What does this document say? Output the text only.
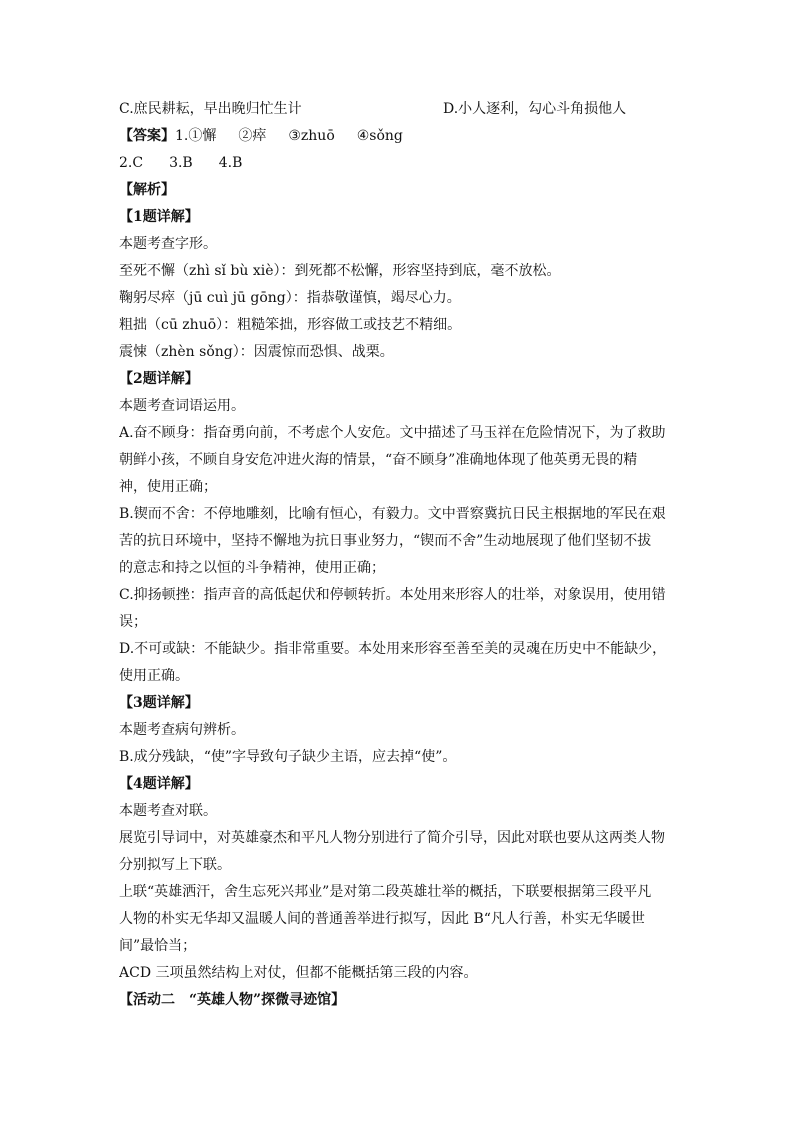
C.庶民耕耘，早出晚归忙生计	D.小人逐利，勾心斗角损他人
【答案】1.①懈 ②瘁 ③zhuō ④sǒng
2.C 3.B 4.B
【解析】
【1题详解】
本题考查字形。
至死不懈（zhì sǐ bù xiè）：到死都不松懈，形容坚持到底，毫不放松。
鞠躬尽瘁（jū cuì jū gōng）：指恭敬谨慎，竭尽心力。
粗拙（cū zhuō）：粗糙笨拙，形容做工或技艺不精细。
震悚（zhèn sǒng）：因震惊而恐惧、战栗。
【2题详解】
本题考查词语运用。
A.奋不顾身：指奋勇向前，不考虑个人安危。文中描述了马玉祥在危险情况下，为了救助
朝鲜小孩，不顾自身安危冲进火海的情景，“奋不顾身”准确地体现了他英勇无畏的精
神，使用正确；
B.锲而不舍：不停地雕刻，比喻有恒心，有毅力。文中晋察冀抗日民主根据地的军民在艰
苦的抗日环境中，坚持不懈地为抗日事业努力，“锲而不舍”生动地展现了他们坚韧不拔
的意志和持之以恒的斗争精神，使用正确；
C.抑扬顿挫：指声音的高低起伏和停顿转折。本处用来形容人的壮举，对象误用，使用错
误；
D.不可或缺：不能缺少。指非常重要。本处用来形容至善至美的灵魂在历史中不能缺少，
使用正确。
【3题详解】
本题考查病句辨析。
B.成分残缺，“使”字导致句子缺少主语，应去掉“使”。
【4题详解】
本题考查对联。
展览引导词中，对英雄豪杰和平凡人物分别进行了简介引导，因此对联也要从这两类人物
分别拟写上下联。
上联“英雄洒汗，舍生忘死兴邦业”是对第二段英雄壮举的概括，下联要根据第三段平凡
人物的朴实无华却又温暖人间的普通善举进行拟写，因此 B“凡人行善，朴实无华暖世
间”最恰当；
ACD 三项虽然结构上对仗，但都不能概括第三段的内容。
【活动二　“英雄人物”探微寻迹馆】
